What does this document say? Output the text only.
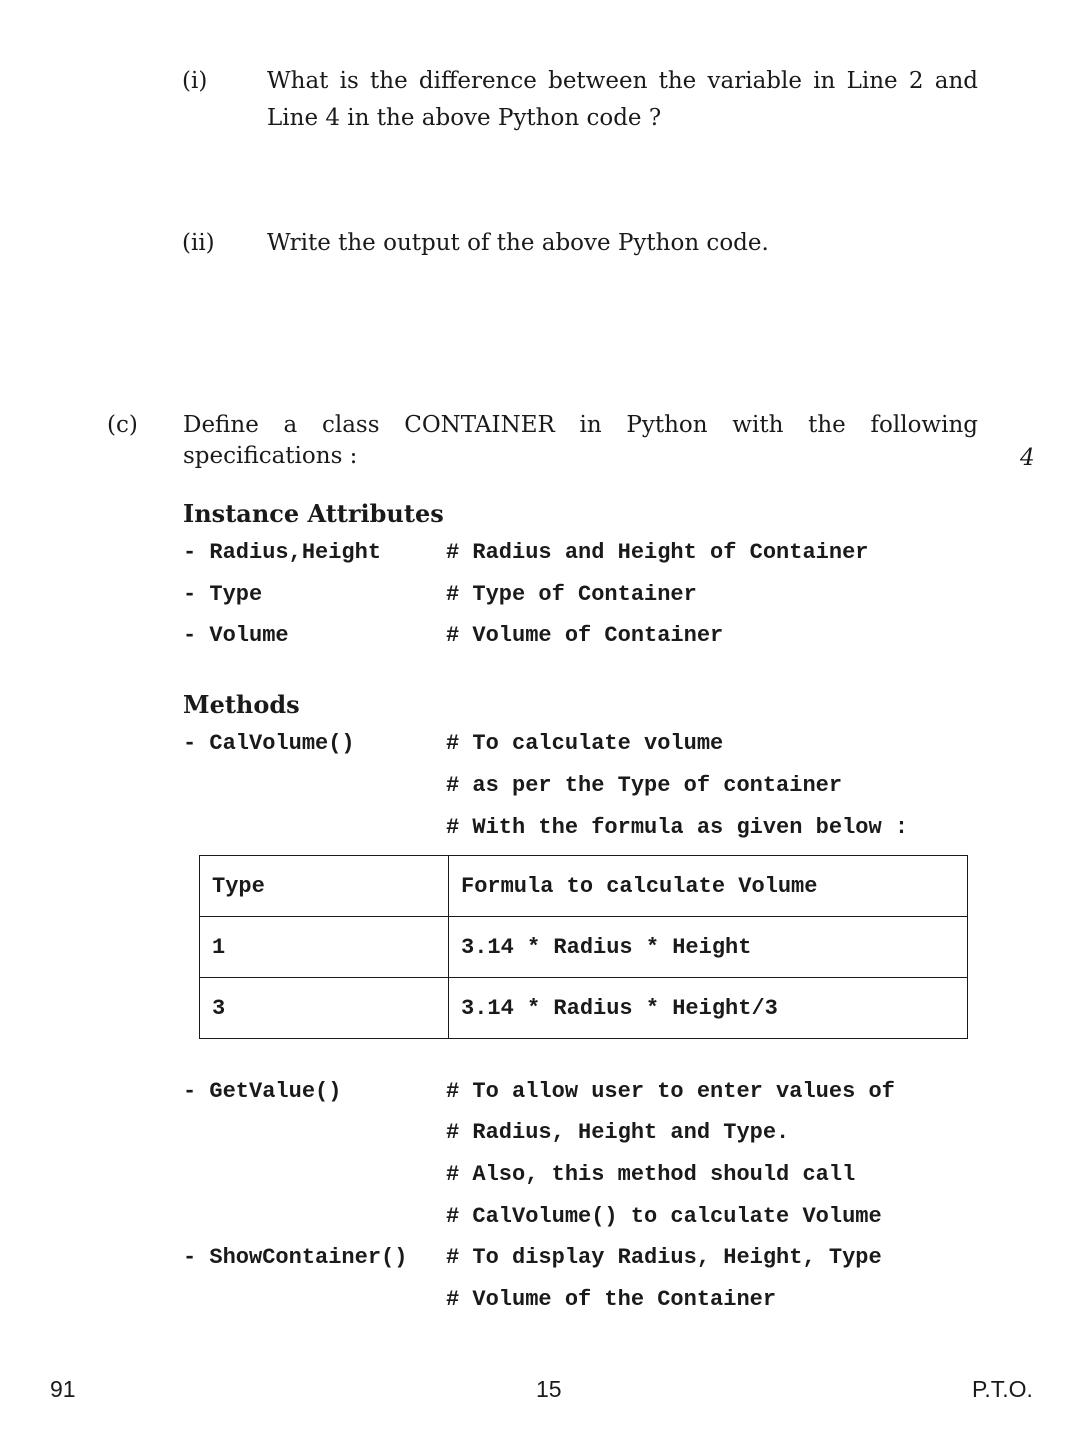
(i)	What is the difference between the variable in Line 2 and
Line 4 in the above Python code ?
(ii) Write the output of the above Python code.
(c) Define a class CONTAINER in Python with the following
specifications :	4
Instance Attributes
- Radius,Height	# Radius and Height of Container
- Type	# Type of Container
- Volume	# Volume of Container
Methods
- CalVolume()	# To calculate volume
# as per the Type of container
# With the formula as given below :
Type	Formula to calculate Volume
1	3.14 * Radius * Height
3	3.14 * Radius * Height/3
- GetValue()	# To allow user to enter values of
# Radius, Height and Type.
# Also, this method should call
# CalVolume() to calculate Volume
- ShowContainer() # To display Radius, Height, Type
# Volume of the Container
91	15	P.T.O.
